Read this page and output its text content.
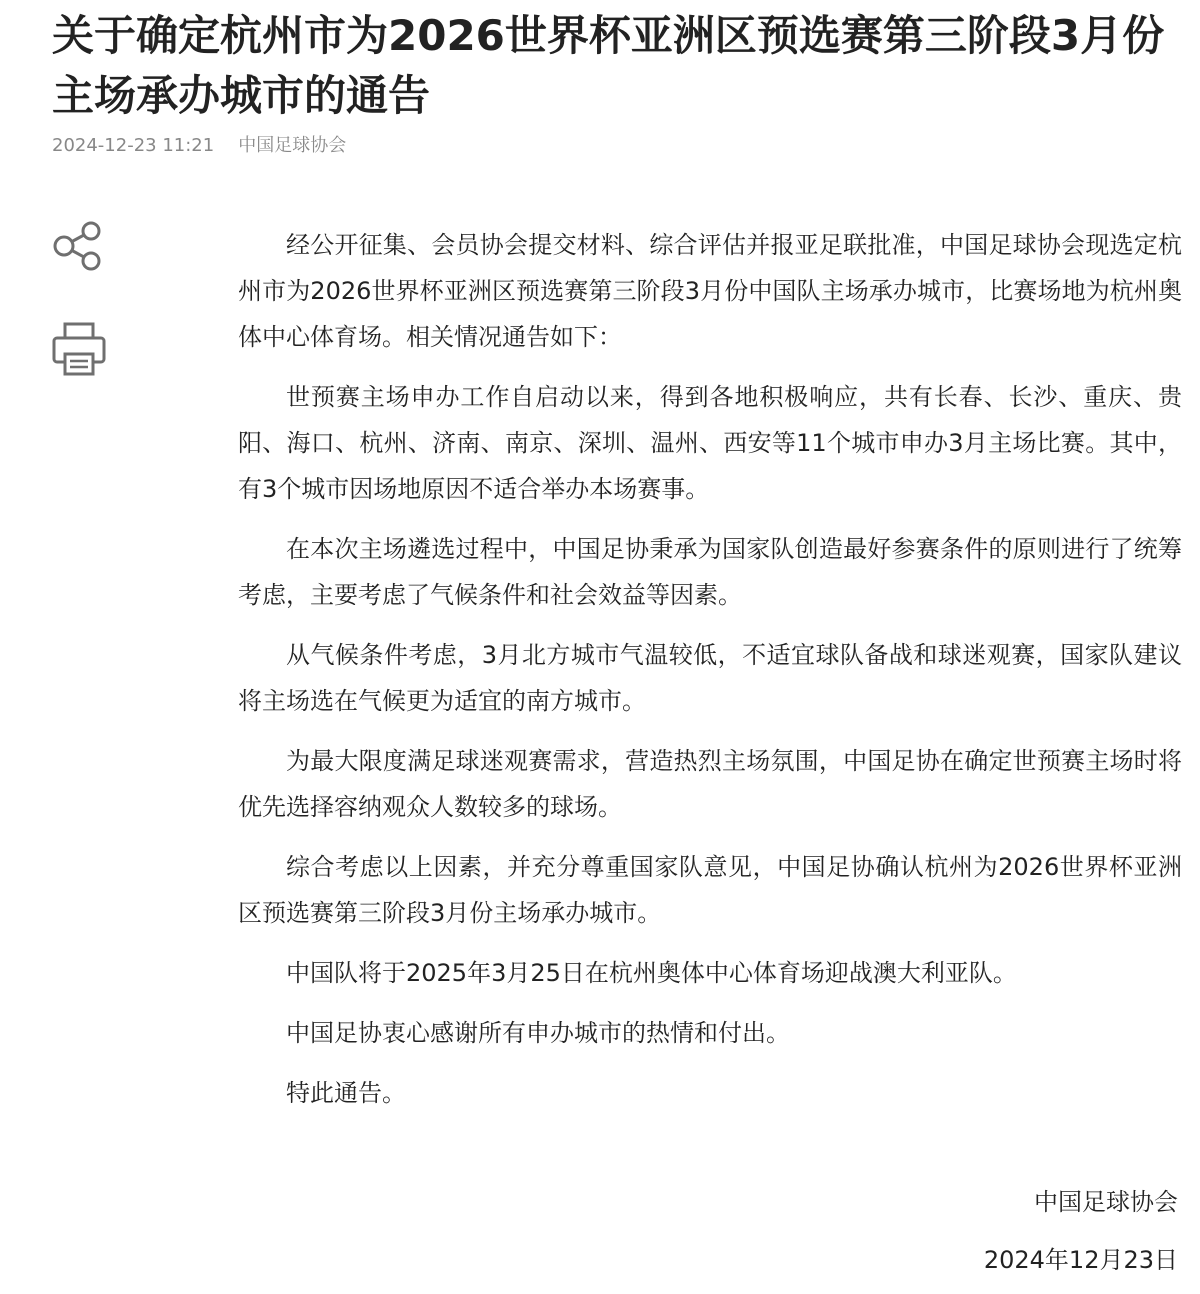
关于确定杭州市为2026世界杯亚洲区预选赛第三阶段3月份主场承办城市的通告
2024-12-23 11:21 中国足球协会

经公开征集、会员协会提交材料、综合评估并报亚足联批准，中国足球协会现选定杭州市为2026世界杯亚洲区预选赛第三阶段3月份中国队主场承办城市，比赛场地为杭州奥体中心体育场。相关情况通告如下：

世预赛主场申办工作自启动以来，得到各地积极响应，共有长春、长沙、重庆、贵阳、海口、杭州、济南、南京、深圳、温州、西安等11个城市申办3月主场比赛。其中，有3个城市因场地原因不适合举办本场赛事。

在本次主场遴选过程中，中国足协秉承为国家队创造最好参赛条件的原则进行了统筹考虑，主要考虑了气候条件和社会效益等因素。

从气候条件考虑，3月北方城市气温较低，不适宜球队备战和球迷观赛，国家队建议将主场选在气候更为适宜的南方城市。

为最大限度满足球迷观赛需求，营造热烈主场氛围，中国足协在确定世预赛主场时将优先选择容纳观众人数较多的球场。

综合考虑以上因素，并充分尊重国家队意见，中国足协确认杭州为2026世界杯亚洲区预选赛第三阶段3月份主场承办城市。

中国队将于2025年3月25日在杭州奥体中心体育场迎战澳大利亚队。

中国足协衷心感谢所有申办城市的热情和付出。

特此通告。

中国足球协会
2024年12月23日
